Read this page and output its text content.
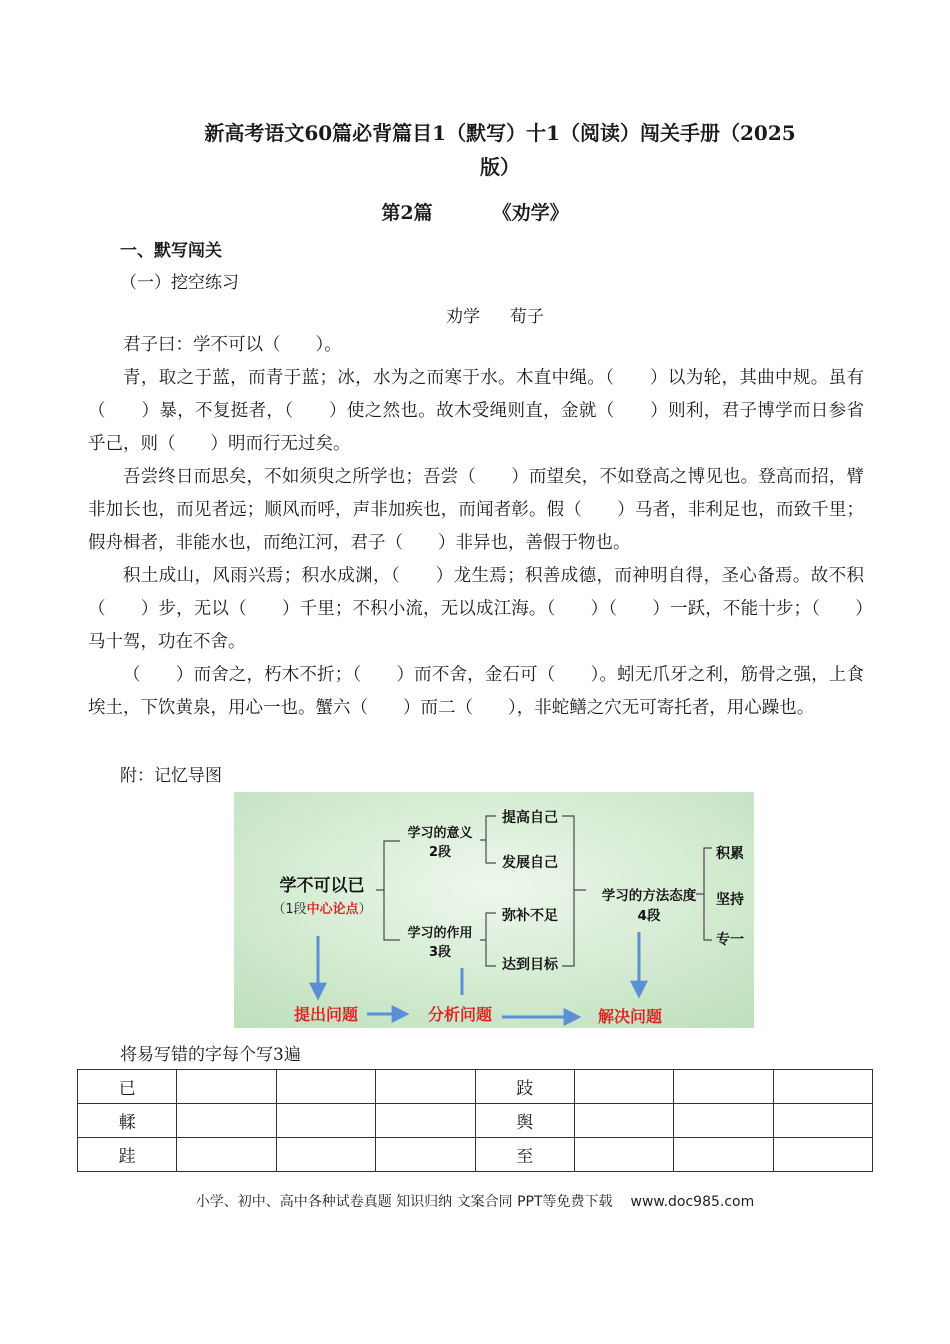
新高考语文60篇必背篇目1（默写）十1（阅读）闯关手册（2025
版）
第2篇	《劝学》
一、默写闯关
（一）挖空练习
劝学 荀子

君子曰：学不可以（　　）。

青，取之于蓝，而青于蓝；冰，水为之而寒于水。木直中绳。（　　）以为轮，其曲中规。虽有（　　）暴，不复挺者，（　　）使之然也。故木受绳则直，金就（　　）则利，君子博学而日参省乎己，则（　　）明而行无过矣。

吾尝终日而思矣，不如须臾之所学也；吾尝（　　）而望矣，不如登高之博见也。登高而招，臂非加长也，而见者远；顺风而呼，声非加疾也，而闻者彰。假（　　）马者，非利足也，而致千里；假舟楫者，非能水也，而绝江河，君子（　　）非异也，善假于物也。

积土成山，风雨兴焉；积水成渊，（　　）龙生焉；积善成德，而神明自得，圣心备焉。故不积（　　）步，无以（　　）千里；不积小流，无以成江海。（　　）（　　）一跃，不能十步；（　　）马十驾，功在不舍。

（　　）而舍之，朽木不折；（　　）而不舍，金石可（　　）。蚓无爪牙之利，筋骨之强，上食埃土，下饮黄泉，用心一也。蟹六（　　）而二（　　），非蛇鳝之穴无可寄托者，用心躁也。

附：记忆导图
学不可以已
（1段中心论点）
学习的意义
2段
提高自己
发展自己
学习的作用
3段
弥补不足
达到目标
学习的方法态度
4段
积累
坚持
专一
提出问题	分析问题	解决问题
将易写错的字每个写3遍
已				跂			
輮				舆			
跬				至			
小学、初中、高中各种试卷真题 知识归纳 文案合同 PPT等免费下载 www.doc985.com
